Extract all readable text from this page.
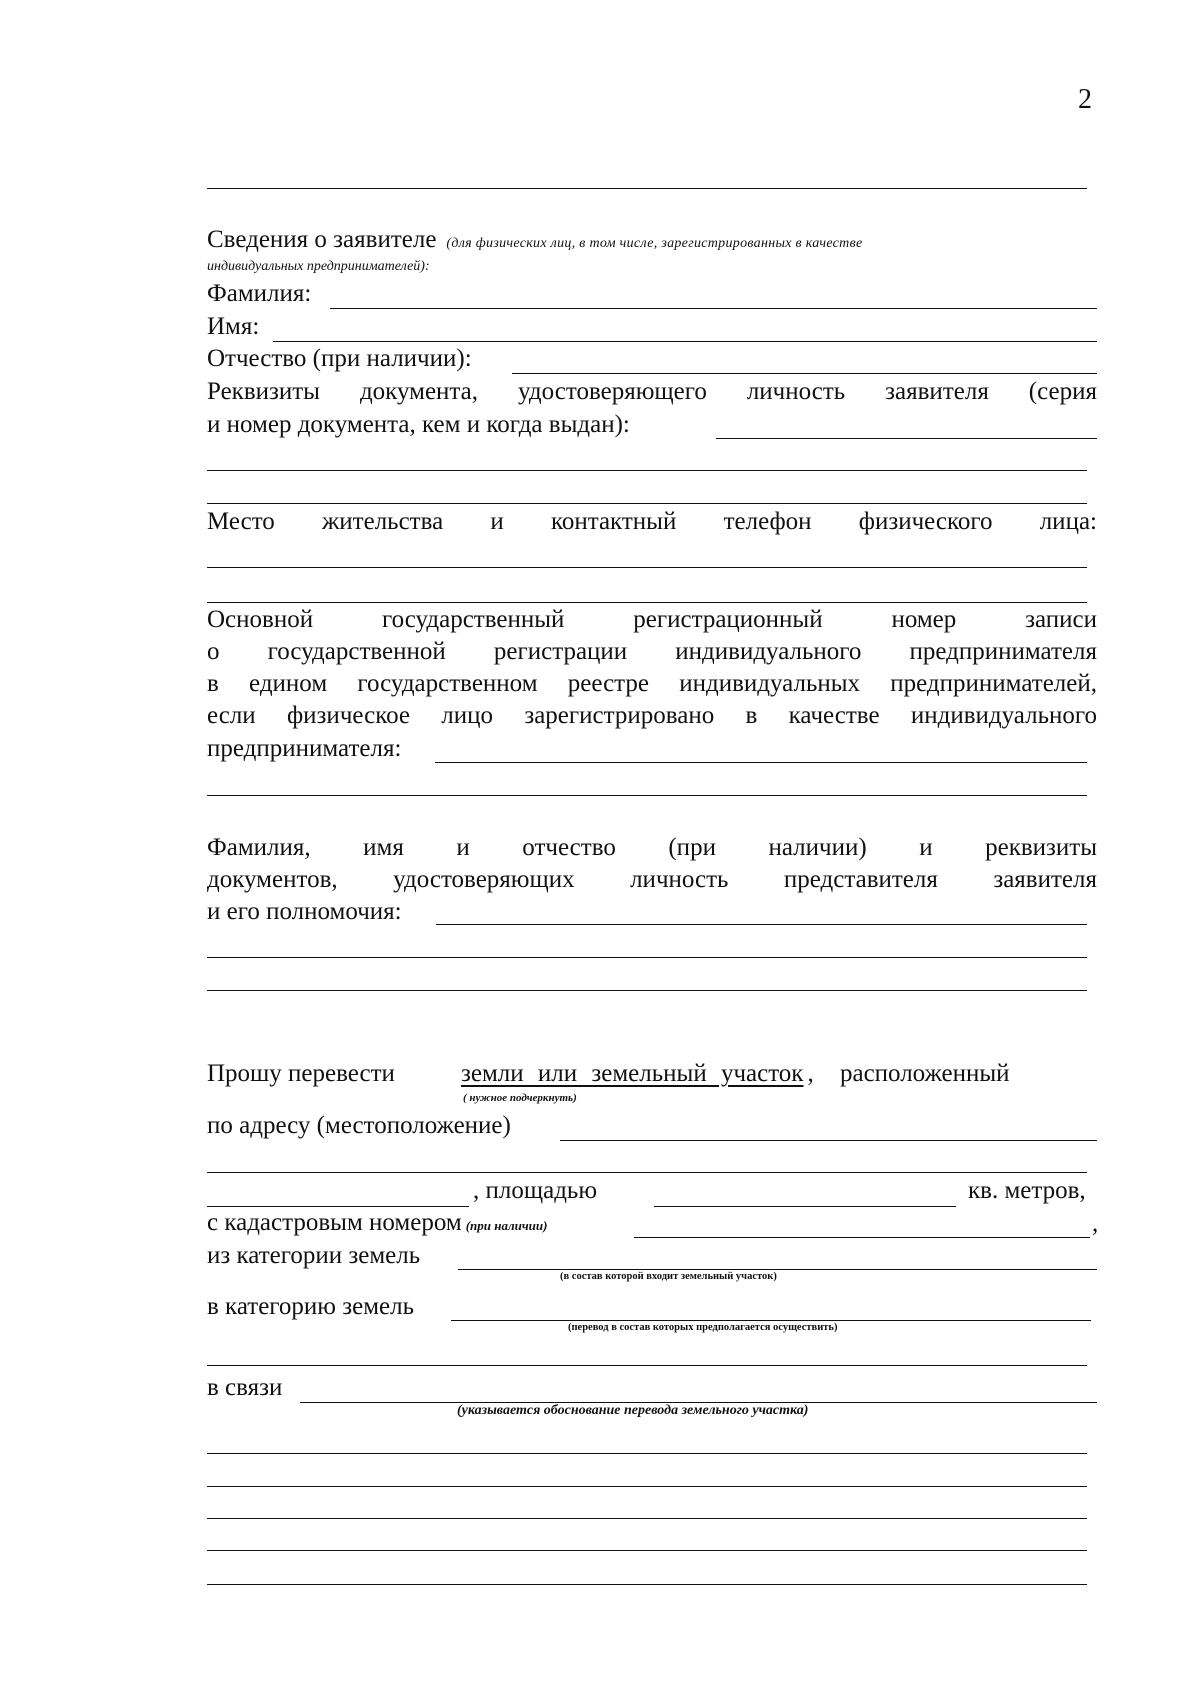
2
Сведения о заявителе (для физических лиц, в том числе, зарегистрированных в качестве
индивидуальных предпринимателей):
Фамилия:
Имя:
Отчество (при наличии):
Реквизиты документа, удостоверяющего личность заявителя (серия
и номер документа, кем и когда выдан):
Место жительства и контактный телефон физического лица:
Основной государственный регистрационный номер записи
о государственной регистрации индивидуального предпринимателя
в едином государственном реестре индивидуальных предпринимателей,
если физическое лицо зарегистрировано в качестве индивидуального
предпринимателя:
Фамилия, имя и отчество (при наличии) и реквизиты
документов, удостоверяющих личность представителя заявителя
и его полномочия:
Прошу перевести	земли или земельный участок , расположенный
( нужное подчеркнуть)
по адресу (местоположение)
, площадью	кв. метров,
с кадастровым номером (при наличии)	,
из категории земель
(в состав которой входит земельный участок)
в категорию земель
(перевод в состав которых предполагается осуществить)
в связи
(указывается обоснование перевода земельного участка)
